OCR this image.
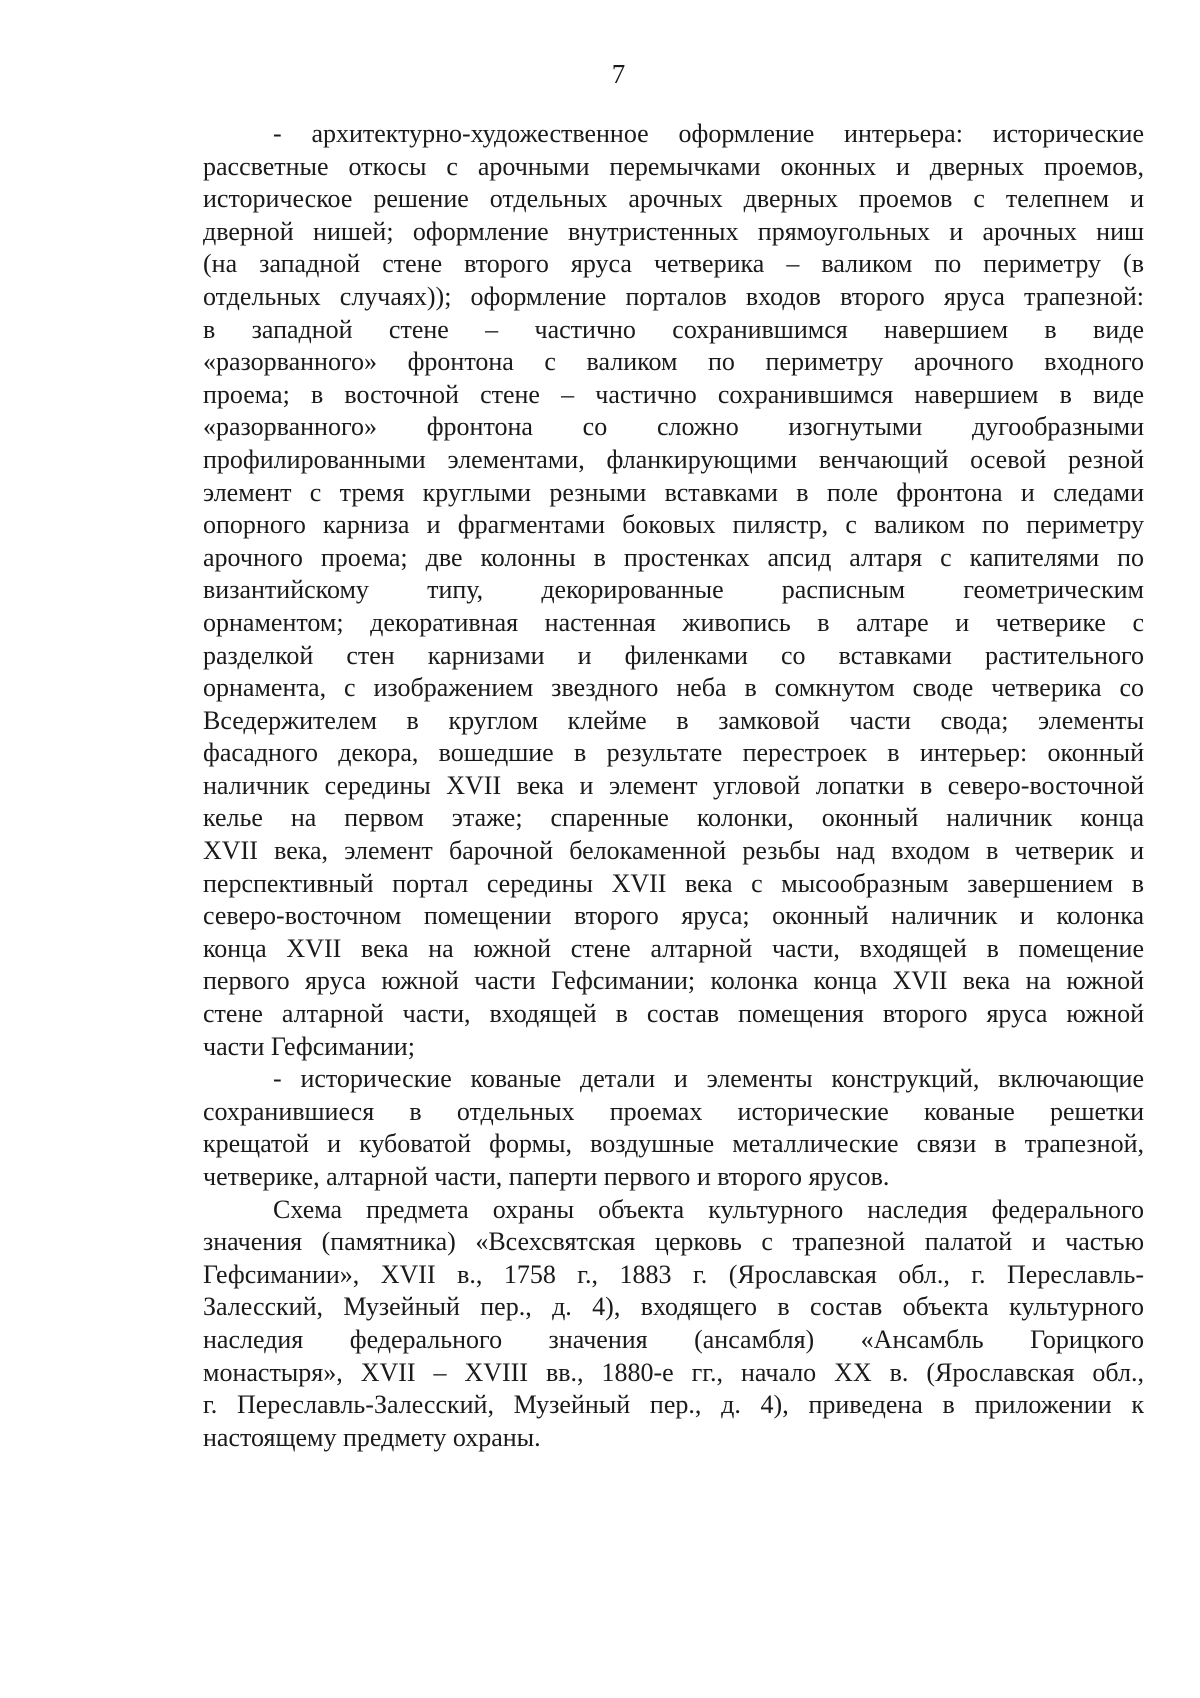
7
- архитектурно-художественное оформление интерьера: исторические
рассветные откосы с арочными перемычками оконных и дверных проемов,
историческое решение отдельных арочных дверных проемов с телепнем и
дверной нишей; оформление внутристенных прямоугольных и арочных ниш
(на западной стене второго яруса четверика – валиком по периметру (в
отдельных случаях)); оформление порталов входов второго яруса трапезной:
в западной стене – частично сохранившимся навершием в виде
«разорванного» фронтона с валиком по периметру арочного входного
проема; в восточной стене – частично сохранившимся навершием в виде
«разорванного» фронтона со сложно изогнутыми дугообразными
профилированными элементами, фланкирующими венчающий осевой резной
элемент с тремя круглыми резными вставками в поле фронтона и следами
опорного карниза и фрагментами боковых пилястр, с валиком по периметру
арочного проема; две колонны в простенках апсид алтаря с капителями по
византийскому типу, декорированные расписным геометрическим
орнаментом; декоративная настенная живопись в алтаре и четверике с
разделкой стен карнизами и филенками со вставками растительного
орнамента, с изображением звездного неба в сомкнутом своде четверика со
Вседержителем в круглом клейме в замковой части свода; элементы
фасадного декора, вошедшие в результате перестроек в интерьер: оконный
наличник середины XVII века и элемент угловой лопатки в северо-восточной
келье на первом этаже; спаренные колонки, оконный наличник конца
XVII века, элемент барочной белокаменной резьбы над входом в четверик и
перспективный портал середины XVII века с мысообразным завершением в
северо-восточном помещении второго яруса; оконный наличник и колонка
конца XVII века на южной стене алтарной части, входящей в помещение
первого яруса южной части Гефсимании; колонка конца XVII века на южной
стене алтарной части, входящей в состав помещения второго яруса южной
части Гефсимании;
- исторические кованые детали и элементы конструкций, включающие
сохранившиеся в отдельных проемах исторические кованые решетки
крещатой и кубоватой формы, воздушные металлические связи в трапезной,
четверике, алтарной части, паперти первого и второго ярусов.
Схема предмета охраны объекта культурного наследия федерального
значения (памятника) «Всехсвятская церковь с трапезной палатой и частью
Гефсимании», XVII в., 1758 г., 1883 г. (Ярославская обл., г. Переславль-
Залесский, Музейный пер., д. 4), входящего в состав объекта культурного
наследия федерального значения (ансамбля) «Ансамбль Горицкого
монастыря», XVII – XVIII вв., 1880-е гг., начало XX в. (Ярославская обл.,
г. Переславль-Залесский, Музейный пер., д. 4), приведена в приложении к
настоящему предмету охраны.
